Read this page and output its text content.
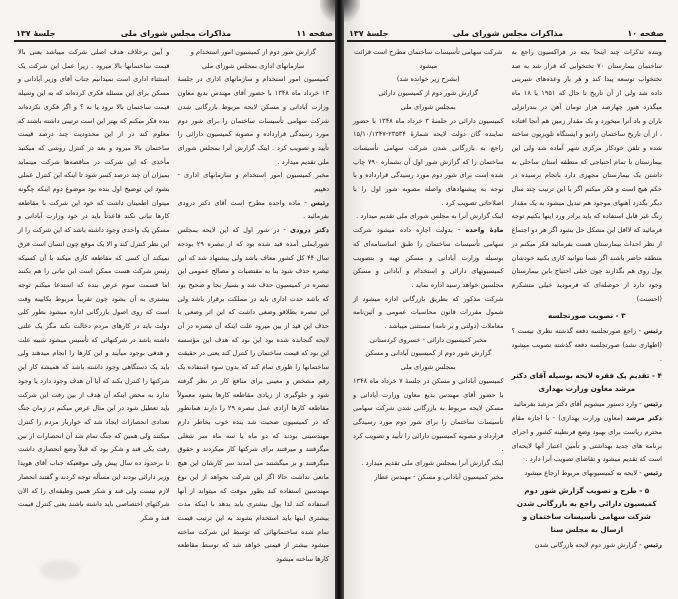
صفحه ۱۱
مذاکرات مجلس شورای ملی
جلسهٔ ۱۳۷

گزارش شور دوم از کمیسیون امور استخدام و

سازمانهای اداری بمجلس شورای ملی

کمیسیون امور استخدام و سازمانهای اداری در جلسهٔ ۱۳ خرداد ماه ۱۳۴۸ با حضور آقای مهندس بدیع معاون وزارت آبادانی و مسکن لایحه مربوط بازرگانی شدن شرکت سهامی تأسیسات ساختمان را برای شور دوم مورد رسیدگی قرارداده و مصوبه کمیسیون دارائی را تأیید و تصویب کرد . اینک گزارش آنرا بمجلس شورای ملی تقدیم میدارد .

مخبر کمیسیون امور استخدام و سازمانهای اداری - دهپیم

رئیس - ماده واحده مطرح است آقای دکتر درودی بفرمائید .

دکتر درودی - در شور اول که این لایحه بمجلس شورایملی آمده قید شده بود که از تبصره ۲۹ بودجه سال ۴۴ کل کشور معاف باشد ولی پیشنهاد شد که این تبصره حذف شود بنا به مقتضیات و مصالح عمومی این تبصره در کمیسیون حذف شد و بسیار بجا و صحیح بود که باشد حدت اداری باید در مملکت برقرار باشد ولی این تبصره بطلاقو وضعی داشت که این اثر وضعی با حذف این قید از بین میرود علت اینکه آن تبصره در آن لایحه گنجانده شده بود این بود که هدف این مؤسسه این بود که قیمت ساختمان را کنترل کند یعنی در حقیقت ساختمانها را طوری تمام کند که بدون سوء استفاده یک رقم مشخص و معینی برای منافع کار در نظر گرفته شود و جلوگیری از زیادی مقاطعه کارها بشود معمولاً مقاطعه کارها آزادی عمل تبصره ۲۹ را دارند همانطور که در کمیسیون صحبت شد بنده خوب بخاطر دارم مهندسینی بودند که دو ماه یا سه ماه سر شغلی میگرفتند و میرفتند برای شرکتها کار میکردند و حقوق میگرفتند و بر میگشتند می آمدند سر کارشان این هیچ مانعی نداشت حالا اگر این شرکت بخواهد از این نوع مهندسین استفاده کند بطور موقت که میتواند از آنها استفاده کند لذا پول بیشتری باید بدهد با اینکه مدت بیشتری اینها باید استخدام بشوند به این ترتیب قیمت تمام شده ساختمانهائی که توسط این شرکت ساخته میشود بیشتر از قیمتی خواهد شد که توسط مقاطعه کارها ساخته میشود

و آیین برخلاف هدف اصلی شرکت میباشد یعنی بالا قیمت ساختمانها بالا میرود . زیرا عمل این شرکت یک استثناء اداری است نمیدانیم جناب آقای وزیر آبادانی و مسکن برای این مسئله فکری کرده‌اند که به این وسیله قیمت ساختمان بالا نرود یا نه ؟ و اگر فکری نکرده‌اند بنده فکر میکنم که بهتر این است ترتیبی داشته باشند که معلوم کند در از این محدودیت چند درصد قیمت ساختمان بالا میرود و بعد در کنترل روشی که میکنید مأخذی که این شرکت در مناقصه‌ها شرکت مینماید بمیزان آن چند درصد کسر شود تا اینکه این کنترل عملی بشود این توضیح اول بنده بود موضوع دوم اینکه چگونه میتوان اطمینان داشت که خود این شرکت با مقاطعه کارها تبانی نکند قاعدتاً باید در خود وزارت آبادانی و مسکن یک واحدی وجود داشته باشد که این شرکت را از این نظر کنترل کند و الا یک موقع چون انسان است فرق نمیکند آن کسی که مقاطعه کاری میکند یا آن کسیکه رئیس شرکت هست ممکن است این تبانی را هم بکنند اما قسمت سوم عرض بنده که استدعا میکنم توجه بیشتری به آن بشود چون تقریباً مربوط بکابینه وقت است که روی اصول بازرگانی اداره میشود بطور کلی دولت باید در کارهای مردم دخالت نکند مگر یک علتی داشته باشد در شرکتهائی که تأسیس میشود شبیه علت و هدفی بوجود میآیند و این کارها را انجام میدهند ولی باید یک دستگاهی وجود داشته باشد که همیشه کار این شرکتها را کنترل بکند که آیا آن هدف وجود دارد یا وجود ندارد به محض اینکه آن هدف از بین رفت این شرکت باید تعطیل شود در این مثال عرض میکنم در زمان جنگ تعدادی انحصارات ایجاد شد که خواربار مردم را کنترل میکنند ولی همین که جنگ تمام شد آن انحصارات از بین رفت یکی قند و شکر بود که قبلاً وضع انحصاری داشت تا برحدود ده سال پیش ولی موقعیکه جناب آقای هویدا وزیر دارائی بودند این مسأله توجه کردند و گفتند انحصار لازم نیست ولی قند و شکر همین وظیفه‌ای را که الان شرکتهای اختصاصی باید داشته باشند یعنی کنترل قیمت قند و شکر

صفحه ۱۰
مذاکرات مجلس شورای ملی
جلسهٔ ۱۳۷

وبنده تذکرات چند اینجا بجه در فراکسیون راجع به ساختمان بیمارستان ۷۰ تختخوابی که قرار شد به صد تختخواب توسعه پیدا کند و هر بار وعده‌های شیرینی داده شد ولی از آن تاریخ تا حال که ۱۹۵۱ یا ۱۸ ماه میگذرد هنوز چهارصد هزار تومان آهن در بندرانزلی باران و باد آنرا میخورد و یک مقدار زمین هم آنجا افتاده ، از آن تاریخ ساختمان رادیو و ایستگاه تلویزیون ساخته شده و تلفن خودکار مرکزی شهر آماده شد ولی این بیمارستان با تمام احتیاجی که منطقه استان ساحلی به داشتن یک بیمارستان مجهزی دارد بانجام نرسیده در حکم هیچ است و فکر میکنم اگر با این ترتیب چند سال دیگر بگذرد آهنهای موجود هم تبدیل میشود به یک مقدار زنگ غیر قابل استفاده که باید برادر ورد اینها بکنیم توجه فرمائید که لااقل این مشکل حل بشود اگر هر دو اجتماع از نظر احداث بیمارستان هست بفرمائید فکر میکنم در منطقه حاضر باشند اگر شما نتوانید کاری بکنید خودشان پول روی هم بگذارند چون خیلی احتیاج باین بیمارستان وجود دارد از حوصله‌ای که فرمودید خیلی متشکرم (احسنت)

۳ - تصویب صورتجلسه

رئیس - راجع صورتجلسه دفعه گذشته نظری نیست ؟ (اظهاری نشد) صورتجلسه دفعه گذشته تصویب میشود .

۴ - تقدیم یک فقره لایحه بوسیله آقای دکتر مرشد معاون وزارت بهداری

رئیس - وارد دستور میشویم آقای دکتر مرشد بفرمائید

دکتر مرشد (معاون وزارت بهداری) - با اجازه مقام محترم ریاست برای بهبود وضع قرنطینه کشور و اجرای برنامه های جدید بهداشتی و تأمین اعتبار آنها لایحه‌ای است که تقدیم میشود و تقاضای تصویب آنرا دارد .

رئیس - لایحه به کمیسیونهای مربوط ارجاع میشود

۵ - طرح و تصویب گزارش شور دوم کمیسیون دارائی راجع به بازرگانی شدن شرکت سهامی تأسیسات ساختمان و ارسال به مجلس سنا

رئیس - گزارش شور دوم لایحه بازرگانی شدن

شرکت سهامی تأسیسات ساختمان مطرح است قرائت میشود

(بشرح زیر خوانده شد)

گزارش شور دوم از کمیسیون دارائی

بمجلس شورای ملی

کمیسیون دارائی در جلسهٔ ۳ خرداد ماه ۱۳۴۸ با حضور نماینده گان دولت لایحه شمارهٔ ۲۳۵۳۴-۱۵/۱۰/۱۳۴۷ راجع به بازرگانی شدن شرکت سهامی تأسیسات ساختمان را که گزارش شور اول آن بشماره ۷۹۰ چاپ شده است برای شور دوم مورد رسیدگی قرارداده و با توجه به پیشنهادهای واصله مصوبه شور اول را با اصلاحاتی تصویب کرد .

اینک گزارش آنرا به مجلس شورای ملی تقدیم میدارد .

مادهٔ واحده - بدولت اجازه داده میشود شرکت سهامی تأسیسات ساختمان را طبق اساسنامه‌ای که بوسیله وزارت آبادانی و مسکن تهیه و بتصویب کمیسیونهای دارائی و استخدام و آبادانی و مسکن مجلسین خواهد رسید اداره نماید .

شرکت مذکور که بطریق بازرگانی اداره میشود از شمول مقررات قانون محاسبات عمومی و آئین‌نامه معاملات (دولتی و بر نامه) مستثنی میباشد .

مخبر کمیسیون دارائی - خسروی کردستانی

گزارش شور دوم از کمیسیون آبادانی و مسکن

بمجلس شورای ملی

کمیسیون آبادانی و مسکن در جلسهٔ ۷ خرداد ماه ۱۳۴۸ با حضور آقای مهندس بدیع معاون وزارت آبادانی و مسکن لایحه مربوط به بازرگانی شدن شرکت سهامی تأسیسات ساختمان را برای شور دوم مورد رسیدگی قرارداد و مصوبه کمیسیون دارائی را تأیید و تصویب کرد .

اینک گزارش آنرا بمجلس شورای ملی تقدیم میدارد .

مخبر کمیسیون آبادانی و مسکن - مهندس عطار
